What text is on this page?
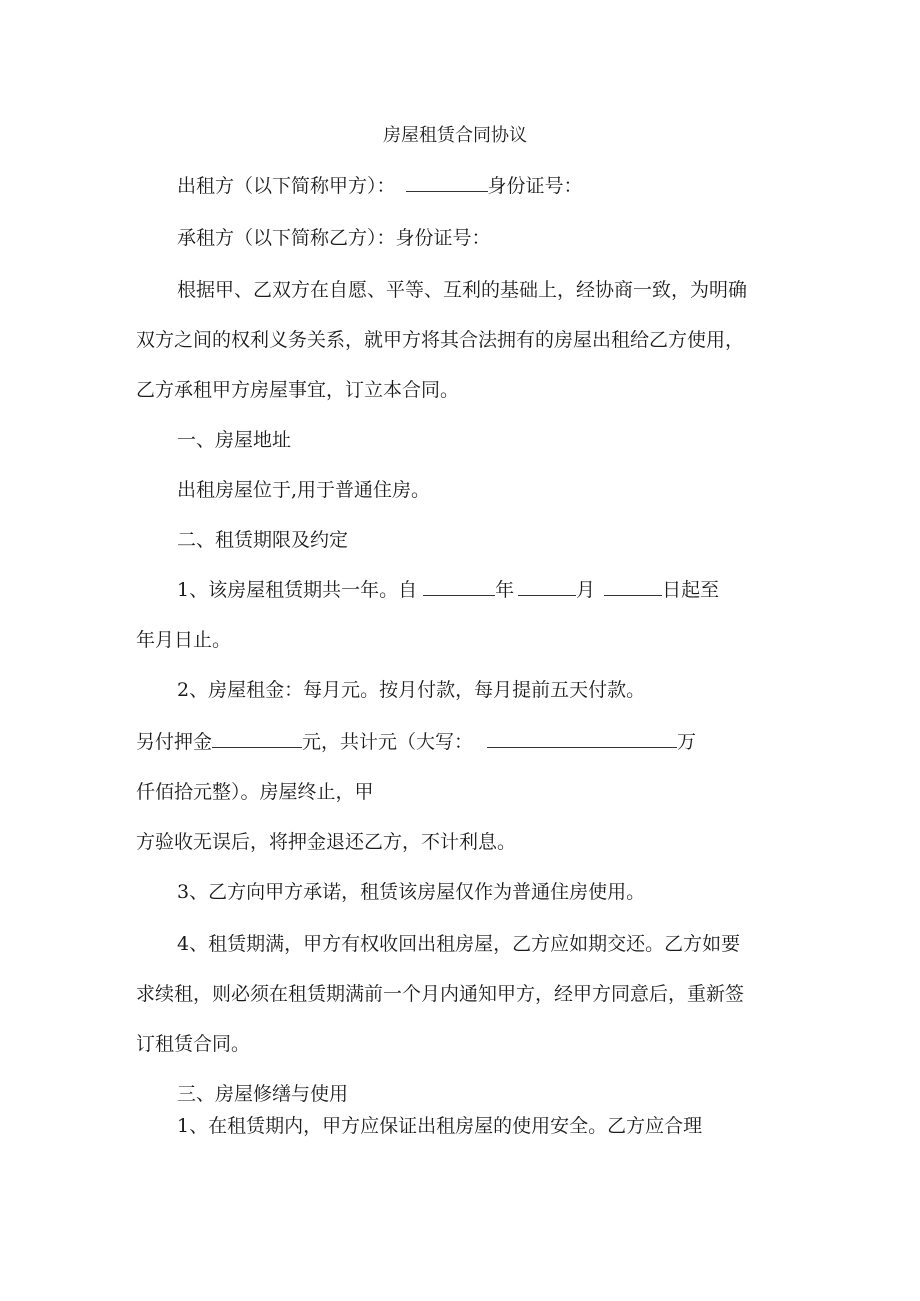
房屋租赁合同协议
出租方（以下简称甲方）：	身份证号：
承租方（以下简称乙方）：身份证号：
根据甲、乙双方在自愿、平等、互利的基础上，经协商一致，为明确
双方之间的权利义务关系，就甲方将其合法拥有的房屋出租给乙方使用，
乙方承租甲方房屋事宜，订立本合同。
一、房屋地址
出租房屋位于,用于普通住房。
二、租赁期限及约定
1、该房屋租赁期共一年。自	年	月	日起至
年月日止。
2、房屋租金：每月元。按月付款，每月提前五天付款。
另付押金	元，共计元（大写：	万
仟佰拾元整）。房屋终止，甲
方验收无误后，将押金退还乙方，不计利息。
3、乙方向甲方承诺，租赁该房屋仅作为普通住房使用。
4、租赁期满，甲方有权收回出租房屋，乙方应如期交还。乙方如要
求续租，则必须在租赁期满前一个月内通知甲方，经甲方同意后，重新签
订租赁合同。
三、房屋修缮与使用
1、在租赁期内，甲方应保证出租房屋的使用安全。乙方应合理
